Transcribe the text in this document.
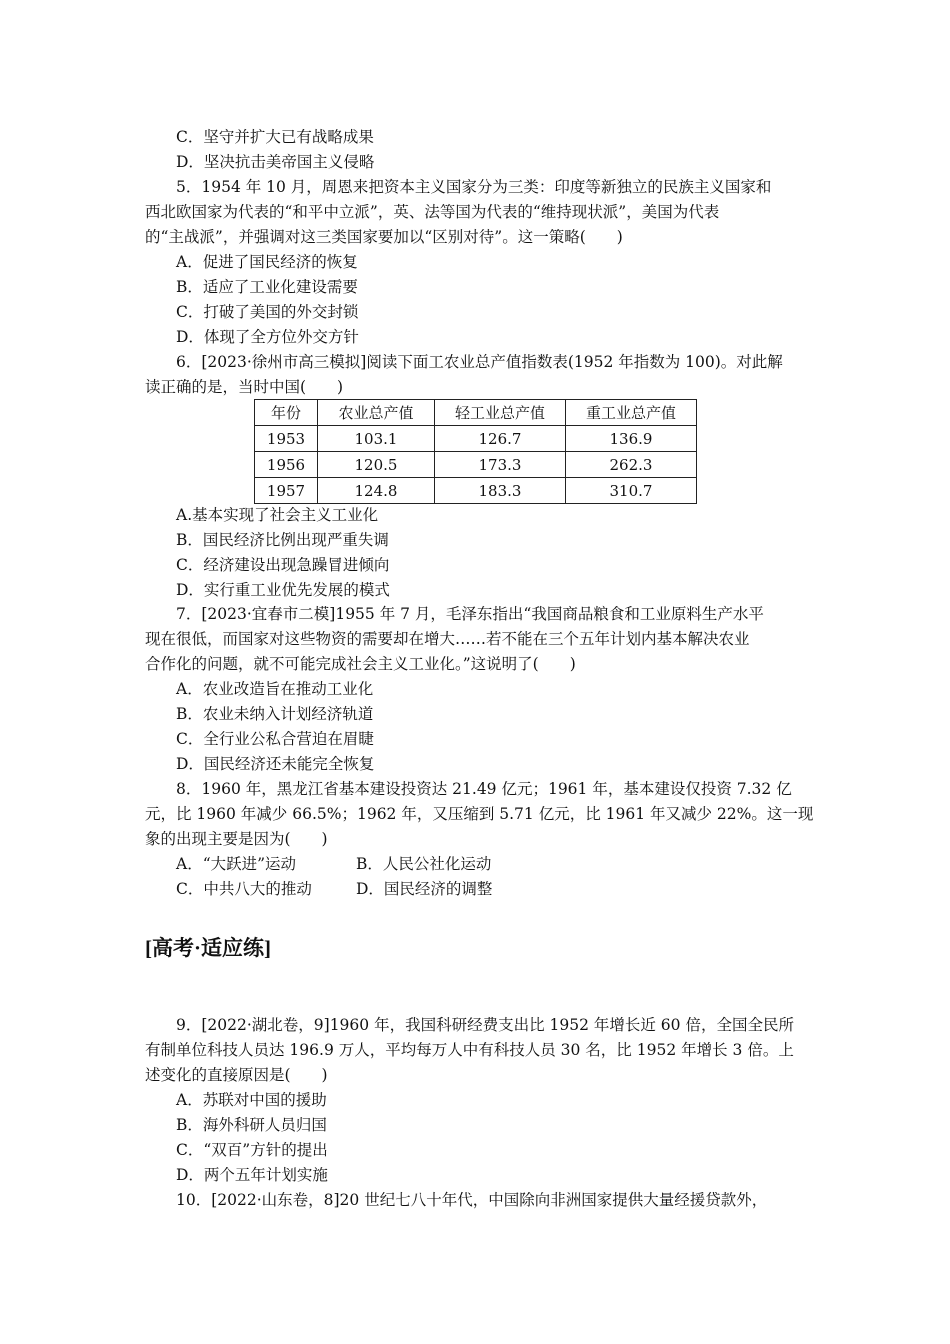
C．坚守并扩大已有战略成果
D．坚决抗击美帝国主义侵略
5．1954 年 10 月，周恩来把资本主义国家分为三类：印度等新独立的民族主义国家和
西北欧国家为代表的“和平中立派”，英、法等国为代表的“维持现状派”，美国为代表
的“主战派”，并强调对这三类国家要加以“区别对待”。这一策略(　　)
A．促进了国民经济的恢复
B．适应了工业化建设需要
C．打破了美国的外交封锁
D．体现了全方位外交方针
6．[2023·徐州市高三模拟]阅读下面工农业总产值指数表(1952 年指数为 100)。对此解
读正确的是，当时中国(　　)
年份	农业总产值	轻工业总产值	重工业总产值
1953	103.1	126.7	136.9
1956	120.5	173.3	262.3
1957	124.8	183.3	310.7
A.基本实现了社会主义工业化
B．国民经济比例出现严重失调
C．经济建设出现急躁冒进倾向
D．实行重工业优先发展的模式
7．[2023·宜春市二模]1955 年 7 月，毛泽东指出“我国商品粮食和工业原料生产水平
现在很低，而国家对这些物资的需要却在增大……若不能在三个五年计划内基本解决农业
合作化的问题，就不可能完成社会主义工业化。”这说明了(　　)
A．农业改造旨在推动工业化
B．农业未纳入计划经济轨道
C．全行业公私合营迫在眉睫
D．国民经济还未能完全恢复
8．1960 年，黑龙江省基本建设投资达 21.49 亿元；1961 年，基本建设仅投资 7.32 亿
元，比 1960 年减少 66.5%；1962 年，又压缩到 5.71 亿元，比 1961 年又减少 22%。这一现
象的出现主要是因为(　　)
A．“大跃进”运动	B．人民公社化运动
C．中共八大的推动	D．国民经济的调整
[高考·适应练]
9．[2022·湖北卷，9]1960 年，我国科研经费支出比 1952 年增长近 60 倍，全国全民所
有制单位科技人员达 196.9 万人，平均每万人中有科技人员 30 名，比 1952 年增长 3 倍。上
述变化的直接原因是(　　)
A．苏联对中国的援助
B．海外科研人员归国
C．“双百”方针的提出
D．两个五年计划实施
10．[2022·山东卷，8]20 世纪七八十年代，中国除向非洲国家提供大量经援贷款外，
